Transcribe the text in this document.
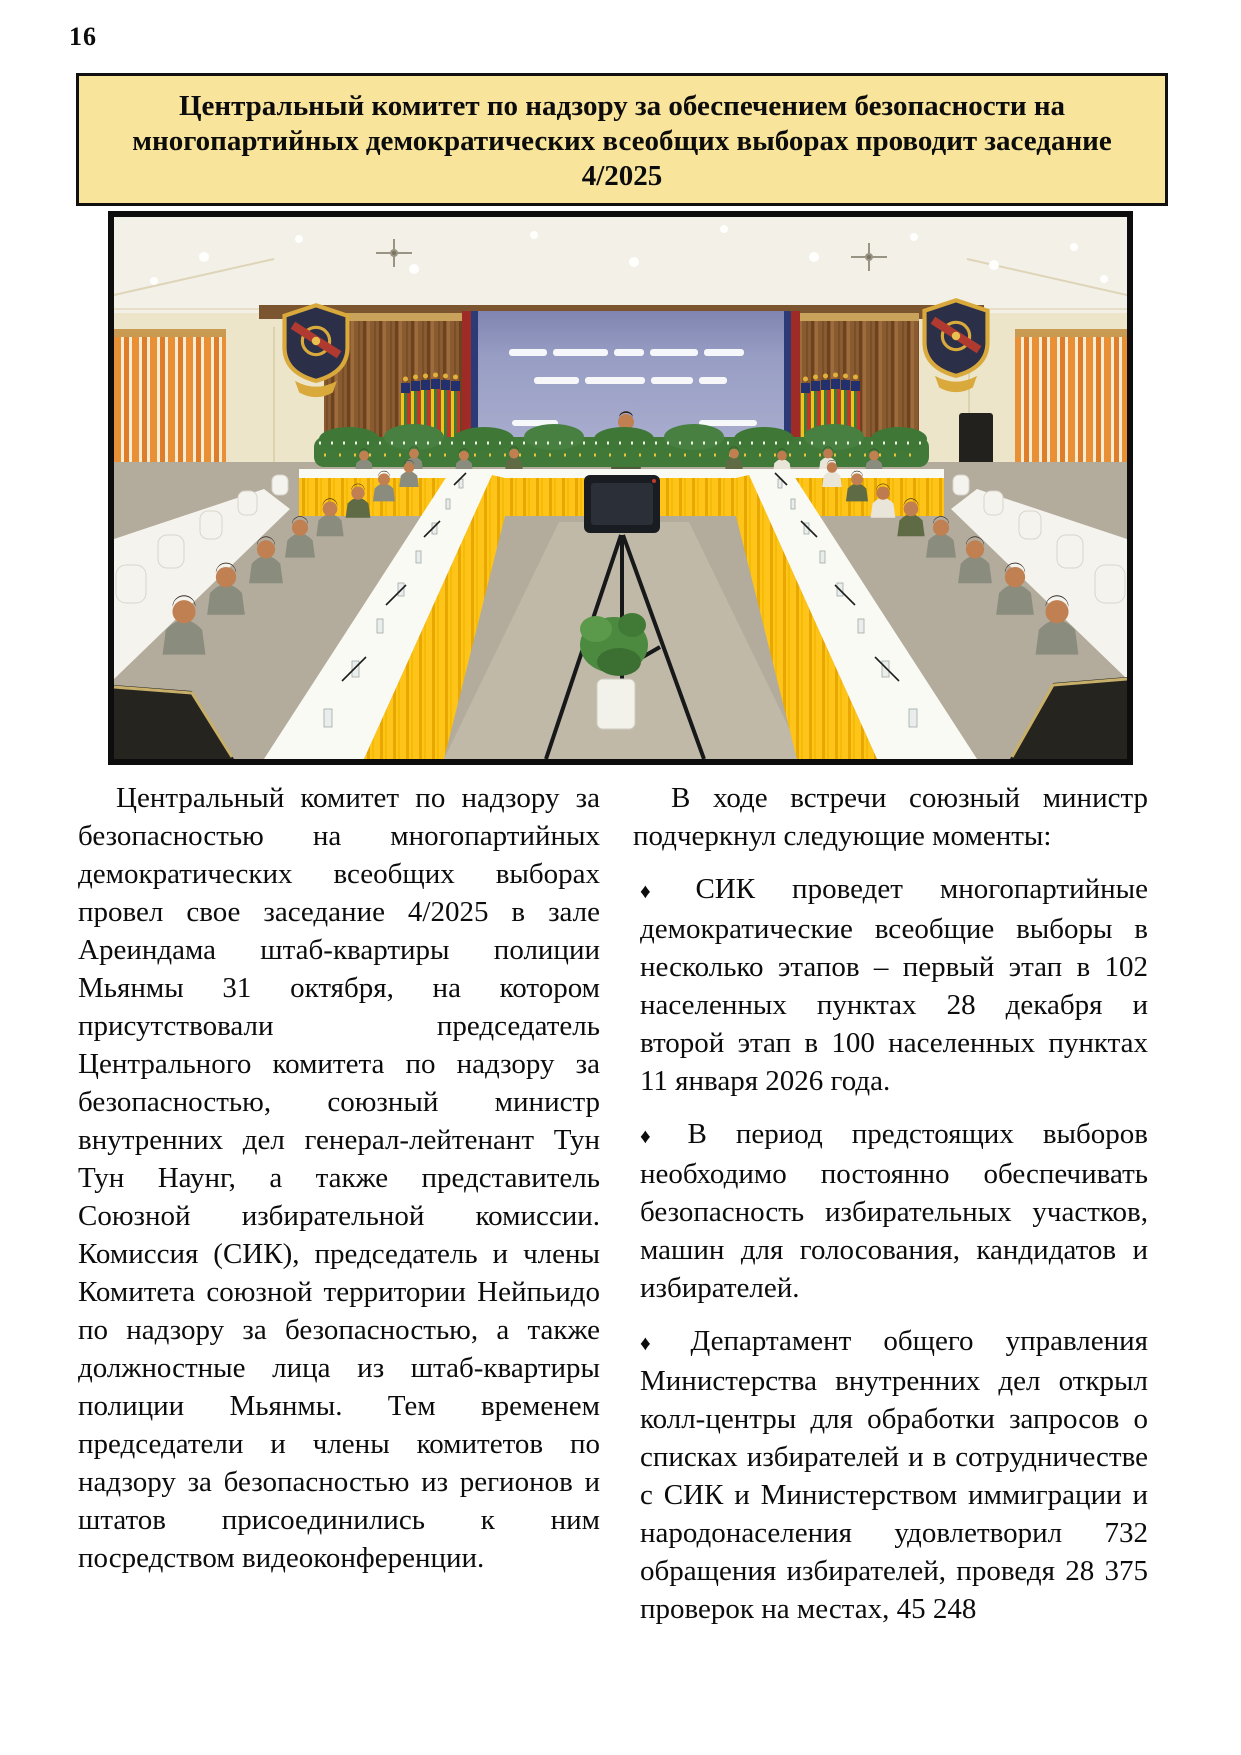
16
Центральный комитет по надзору за обеспечением безопасности на многопартийных демократических всеобщих выборах проводит заседание 4/2025

Центральный комитет по надзору за безопасностью на многопартийных демократических всеобщих выборах провел свое заседание 4/2025 в зале Ареиндама штаб-квартиры полиции Мьянмы 31 октября, на котором присутствовали председатель Центрального комитета по надзору за безопасностью, союзный министр внутренних дел генерал-лейтенант Тун Тун Наунг, а также представитель Союзной избирательной комиссии. Комиссия (СИК), председатель и члены Комитета союзной территории Нейпьидо по надзору за безопасностью, а также должностные лица из штаб-квартиры полиции Мьянмы. Тем временем председатели и члены комитетов по надзору за безопасностью из регионов и штатов присоединились к ним посредством видеоконференции.

В ходе встречи союзный министр подчеркнул следующие моменты:

♦ СИК проведет многопартийные демократические всеобщие выборы в несколько этапов – первый этап в 102 населенных пунктах 28 декабря и второй этап в 100 населенных пунктах 11 января 2026 года.
♦ В период предстоящих выборов необходимо постоянно обеспечивать безопасность избирательных участков, машин для голосования, кандидатов и избирателей.
♦ Департамент общего управления Министерства внутренних дел открыл колл-центры для обработки запросов о списках избирателей и в сотрудничестве с СИК и Министерством иммиграции и народонаселения удовлетворил 732 обращения избирателей, проведя 28 375 проверок на местах, 45 248
